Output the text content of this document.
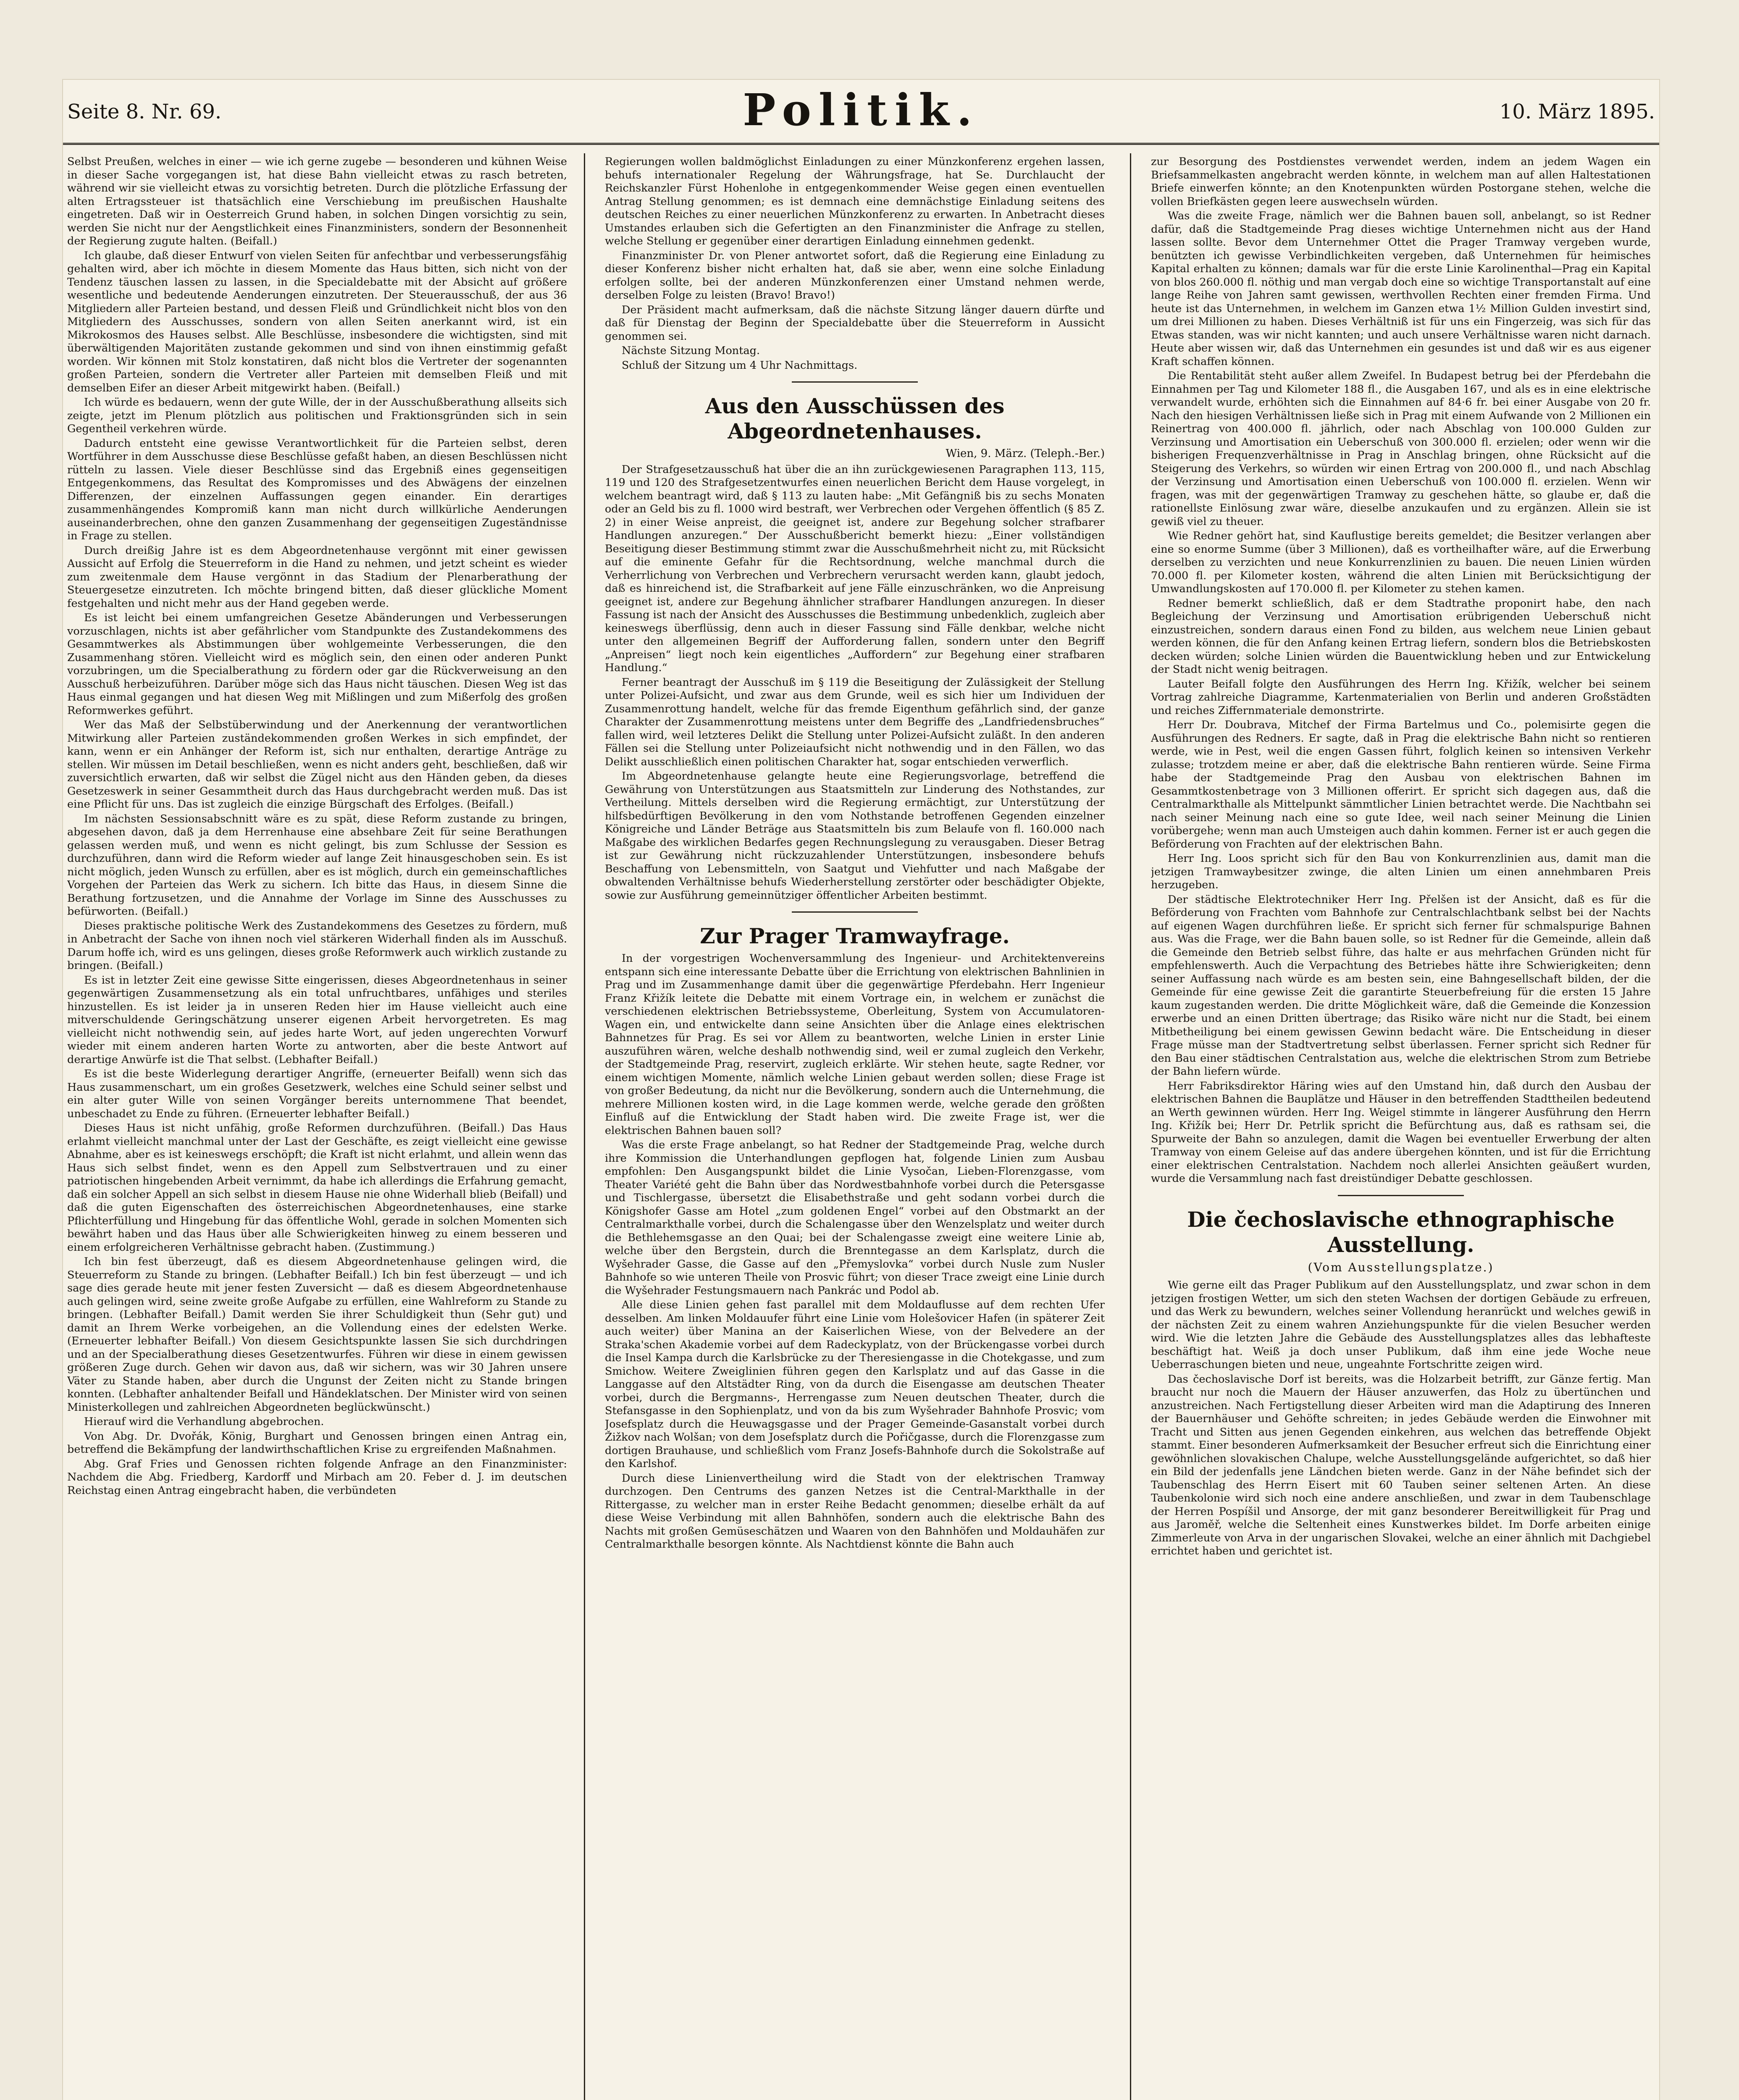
Seite 8. Nr. 69.	Politik.	10. März 1895.

Selbst Preußen, welches in einer — wie ich gerne zugebe — besonderen und kühnen Weise in dieser Sache vorgegangen ist, hat diese Bahn vielleicht etwas zu rasch betreten, während wir sie vielleicht etwas zu vorsichtig betreten. Durch die plötzliche Erfassung der alten Ertragssteuer ist thatsächlich eine Verschiebung im preußischen Haushalte eingetreten. Daß wir in Oesterreich Grund haben, in solchen Dingen vorsichtig zu sein, werden Sie nicht nur der Aengstlichkeit eines Finanzministers, sondern der Besonnenheit der Regierung zugute halten. (Beifall.)

Ich glaube, daß dieser Entwurf von vielen Seiten für anfechtbar und verbesserungsfähig gehalten wird, aber ich möchte in diesem Momente das Haus bitten, sich nicht von der Tendenz täuschen lassen zu lassen, in die Specialdebatte mit der Absicht auf größere wesentliche und bedeutende Aenderungen einzutreten. Der Steuerausschuß, der aus 36 Mitgliedern aller Parteien bestand, und dessen Fleiß und Gründlichkeit nicht blos von den Mitgliedern des Ausschusses, sondern von allen Seiten anerkannt wird, ist ein Mikrokosmos des Hauses selbst. Alle Beschlüsse, insbesondere die wichtigsten, sind mit überwältigenden Majoritäten zustande gekommen und sind von ihnen einstimmig gefaßt worden. Wir können mit Stolz konstatiren, daß nicht blos die Vertreter der sogenannten großen Parteien, sondern die Vertreter aller Parteien mit demselben Fleiß und mit demselben Eifer an dieser Arbeit mitgewirkt haben. (Beifall.)

Ich würde es bedauern, wenn der gute Wille, der in der Ausschußberathung allseits sich zeigte, jetzt im Plenum plötzlich aus politischen und Fraktionsgründen sich in sein Gegentheil verkehren würde.

Dadurch entsteht eine gewisse Verantwortlichkeit für die Parteien selbst, deren Wortführer in dem Ausschusse diese Beschlüsse gefaßt haben, an diesen Beschlüssen nicht rütteln zu lassen. Viele dieser Beschlüsse sind das Ergebniß eines gegenseitigen Entgegenkommens, das Resultat des Kompromisses und des Abwägens der einzelnen Differenzen, der einzelnen Auffassungen gegen einander. Ein derartiges zusammenhängendes Kompromiß kann man nicht durch willkürliche Aenderungen auseinanderbrechen, ohne den ganzen Zusammenhang der gegenseitigen Zugeständnisse in Frage zu stellen.

Durch dreißig Jahre ist es dem Abgeordnetenhause vergönnt mit einer gewissen Aussicht auf Erfolg die Steuerreform in die Hand zu nehmen, und jetzt scheint es wieder zum zweitenmale dem Hause vergönnt in das Stadium der Plenarberathung der Steuergesetze einzutreten. Ich möchte bringend bitten, daß dieser glückliche Moment festgehalten und nicht mehr aus der Hand gegeben werde.

Es ist leicht bei einem umfangreichen Gesetze Abänderungen und Verbesserungen vorzuschlagen, nichts ist aber gefährlicher vom Standpunkte des Zustandekommens des Gesammtwerkes als Abstimmungen über wohlgemeinte Verbesserungen, die den Zusammenhang stören. Vielleicht wird es möglich sein, den einen oder anderen Punkt vorzubringen, um die Specialberathung zu fördern oder gar die Rückverweisung an den Ausschuß herbeizuführen. Darüber möge sich das Haus nicht täuschen. Diesen Weg ist das Haus einmal gegangen und hat diesen Weg mit Mißlingen und zum Mißerfolg des großen Reformwerkes geführt.

Wer das Maß der Selbstüberwindung und der Anerkennung der verantwortlichen Mitwirkung aller Parteien zuständekommenden großen Werkes in sich empfindet, der kann, wenn er ein Anhänger der Reform ist, sich nur enthalten, derartige Anträge zu stellen. Wir müssen im Detail beschließen, wenn es nicht anders geht, beschließen, daß wir zuversichtlich erwarten, daß wir selbst die Zügel nicht aus den Händen geben, da dieses Gesetzeswerk in seiner Gesammtheit durch das Haus durchgebracht werden muß. Das ist eine Pflicht für uns. Das ist zugleich die einzige Bürgschaft des Erfolges. (Beifall.)

Im nächsten Sessionsabschnitt wäre es zu spät, diese Reform zustande zu bringen, abgesehen davon, daß ja dem Herrenhause eine absehbare Zeit für seine Berathungen gelassen werden muß, und wenn es nicht gelingt, bis zum Schlusse der Session es durchzuführen, dann wird die Reform wieder auf lange Zeit hinausgeschoben sein. Es ist nicht möglich, jeden Wunsch zu erfüllen, aber es ist möglich, durch ein gemeinschaftliches Vorgehen der Parteien das Werk zu sichern. Ich bitte das Haus, in diesem Sinne die Berathung fortzusetzen, und die Annahme der Vorlage im Sinne des Ausschusses zu befürworten. (Beifall.)

Dieses praktische politische Werk des Zustandekommens des Gesetzes zu fördern, muß in Anbetracht der Sache von ihnen noch viel stärkeren Widerhall finden als im Ausschuß. Darum hoffe ich, wird es uns gelingen, dieses große Reformwerk auch wirklich zustande zu bringen. (Beifall.)

Es ist in letzter Zeit eine gewisse Sitte eingerissen, dieses Abgeordnetenhaus in seiner gegenwärtigen Zusammensetzung als ein total unfruchtbares, unfähiges und steriles hinzustellen. Es ist leider ja in unseren Reden hier im Hause vielleicht auch eine mitverschuldende Geringschätzung unserer eigenen Arbeit hervorgetreten. Es mag vielleicht nicht nothwendig sein, auf jedes harte Wort, auf jeden ungerechten Vorwurf wieder mit einem anderen harten Worte zu antworten, aber die beste Antwort auf derartige Anwürfe ist die That selbst. (Lebhafter Beifall.)

Es ist die beste Widerlegung derartiger Angriffe, (erneuerter Beifall) wenn sich das Haus zusammenschart, um ein großes Gesetzwerk, welches eine Schuld seiner selbst und ein alter guter Wille von seinen Vorgänger bereits unternommene That beendet, unbeschadet zu Ende zu führen. (Erneuerter lebhafter Beifall.)

Dieses Haus ist nicht unfähig, große Reformen durchzuführen. (Beifall.) Das Haus erlahmt vielleicht manchmal unter der Last der Geschäfte, es zeigt vielleicht eine gewisse Abnahme, aber es ist keineswegs erschöpft; die Kraft ist nicht erlahmt, und allein wenn das Haus sich selbst findet, wenn es den Appell zum Selbstvertrauen und zu einer patriotischen hingebenden Arbeit vernimmt, da habe ich allerdings die Erfahrung gemacht, daß ein solcher Appell an sich selbst in diesem Hause nie ohne Widerhall blieb (Beifall) und daß die guten Eigenschaften des österreichischen Abgeordnetenhauses, eine starke Pflichterfüllung und Hingebung für das öffentliche Wohl, gerade in solchen Momenten sich bewährt haben und das Haus über alle Schwierigkeiten hinweg zu einem besseren und einem erfolgreicheren Verhältnisse gebracht haben. (Zustimmung.)

Ich bin fest überzeugt, daß es diesem Abgeordnetenhause gelingen wird, die Steuerreform zu Stande zu bringen. (Lebhafter Beifall.) Ich bin fest überzeugt — und ich sage dies gerade heute mit jener festen Zuversicht — daß es diesem Abgeordnetenhause auch gelingen wird, seine zweite große Aufgabe zu erfüllen, eine Wahlreform zu Stande zu bringen. (Lebhafter Beifall.) Damit werden Sie ihrer Schuldigkeit thun (Sehr gut) und damit an Ihrem Werke vorbeigehen, an die Vollendung eines der edelsten Werke. (Erneuerter lebhafter Beifall.) Von diesem Gesichtspunkte lassen Sie sich durchdringen und an der Specialberathung dieses Gesetzentwurfes. Führen wir diese in einem gewissen größeren Zuge durch. Gehen wir davon aus, daß wir sichern, was wir 30 Jahren unsere Väter zu Stande haben, aber durch die Ungunst der Zeiten nicht zu Stande bringen konnten. (Lebhafter anhaltender Beifall und Händeklatschen. Der Minister wird von seinen Ministerkollegen und zahlreichen Abgeordneten beglückwünscht.)

Hierauf wird die Verhandlung abgebrochen.

Von Abg. Dr. Dvořák, König, Burghart und Genossen bringen einen Antrag ein, betreffend die Bekämpfung der landwirthschaftlichen Krise zu ergreifenden Maßnahmen.

Abg. Graf Fries und Genossen richten folgende Anfrage an den Finanzminister: Nachdem die Abg. Friedberg, Kardorff und Mirbach am 20. Feber d. J. im deutschen Reichstag einen Antrag eingebracht haben, die verbündeten

Regierungen wollen baldmöglichst Einladungen zu einer Münzkonferenz ergehen lassen, behufs internationaler Regelung der Währungsfrage, hat Se. Durchlaucht der Reichskanzler Fürst Hohenlohe in entgegenkommender Weise gegen einen eventuellen Antrag Stellung genommen; es ist demnach eine demnächstige Einladung seitens des deutschen Reiches zu einer neuerlichen Münzkonferenz zu erwarten. In Anbetracht dieses Umstandes erlauben sich die Gefertigten an den Finanzminister die Anfrage zu stellen, welche Stellung er gegenüber einer derartigen Einladung einnehmen gedenkt.

Finanzminister Dr. von Plener antwortet sofort, daß die Regierung eine Einladung zu dieser Konferenz bisher nicht erhalten hat, daß sie aber, wenn eine solche Einladung erfolgen sollte, bei der anderen Münzkonferenzen einer Umstand nehmen werde, derselben Folge zu leisten (Bravo! Bravo!)

Der Präsident macht aufmerksam, daß die nächste Sitzung länger dauern dürfte und daß für Dienstag der Beginn der Specialdebatte über die Steuerreform in Aussicht genommen sei.

Nächste Sitzung Montag.

Schluß der Sitzung um 4 Uhr Nachmittags.

Aus den Ausschüssen des Abgeordnetenhauses.
Wien, 9. März. (Teleph.-Ber.)

Der Strafgesetzausschuß hat über die an ihn zurückgewiesenen Paragraphen 113, 115, 119 und 120 des Strafgesetzentwurfes einen neuerlichen Bericht dem Hause vorgelegt, in welchem beantragt wird, daß § 113 zu lauten habe: „Mit Gefängniß bis zu sechs Monaten oder an Geld bis zu fl. 1000 wird bestraft, wer Verbrechen oder Vergehen öffentlich (§ 85 Z. 2) in einer Weise anpreist, die geeignet ist, andere zur Begehung solcher strafbarer Handlungen anzuregen.“ Der Ausschußbericht bemerkt hiezu: „Einer vollständigen Beseitigung dieser Bestimmung stimmt zwar die Ausschußmehrheit nicht zu, mit Rücksicht auf die eminente Gefahr für die Rechtsordnung, welche manchmal durch die Verherrlichung von Verbrechen und Verbrechern verursacht werden kann, glaubt jedoch, daß es hinreichend ist, die Strafbarkeit auf jene Fälle einzuschränken, wo die Anpreisung geeignet ist, andere zur Begehung ähnlicher strafbarer Handlungen anzuregen. In dieser Fassung ist nach der Ansicht des Ausschusses die Bestimmung unbedenklich, zugleich aber keineswegs überflüssig, denn auch in dieser Fassung sind Fälle denkbar, welche nicht unter den allgemeinen Begriff der Aufforderung fallen, sondern unter den Begriff „Anpreisen“ liegt noch kein eigentliches „Auffordern“ zur Begehung einer strafbaren Handlung.“

Ferner beantragt der Ausschuß im § 119 die Beseitigung der Zulässigkeit der Stellung unter Polizei-Aufsicht, und zwar aus dem Grunde, weil es sich hier um Individuen der Zusammenrottung handelt, welche für das fremde Eigenthum gefährlich sind, der ganze Charakter der Zusammenrottung meistens unter dem Begriffe des „Landfriedensbruches“ fallen wird, weil letzteres Delikt die Stellung unter Polizei-Aufsicht zuläßt. In den anderen Fällen sei die Stellung unter Polizeiaufsicht nicht nothwendig und in den Fällen, wo das Delikt ausschließlich einen politischen Charakter hat, sogar entschieden verwerflich.

Im Abgeordnetenhause gelangte heute eine Regierungsvorlage, betreffend die Gewährung von Unterstützungen aus Staatsmitteln zur Linderung des Nothstandes, zur Vertheilung. Mittels derselben wird die Regierung ermächtigt, zur Unterstützung der hilfsbedürftigen Bevölkerung in den vom Nothstande betroffenen Gegenden einzelner Königreiche und Länder Beträge aus Staatsmitteln bis zum Belaufe von fl. 160.000 nach Maßgabe des wirklichen Bedarfes gegen Rechnungslegung zu verausgaben. Dieser Betrag ist zur Gewährung nicht rückzuzahlender Unterstützungen, insbesondere behufs Beschaffung von Lebensmitteln, von Saatgut und Viehfutter und nach Maßgabe der obwaltenden Verhältnisse behufs Wiederherstellung zerstörter oder beschädigter Objekte, sowie zur Ausführung gemeinnütziger öffentlicher Arbeiten bestimmt.

Zur Prager Tramwayfrage.

In der vorgestrigen Wochenversammlung des Ingenieur- und Architektenvereins entspann sich eine interessante Debatte über die Errichtung von elektrischen Bahnlinien in Prag und im Zusammenhange damit über die gegenwärtige Pferdebahn. Herr Ingenieur Franz Křižík leitete die Debatte mit einem Vortrage ein, in welchem er zunächst die verschiedenen elektrischen Betriebssysteme, Oberleitung, System von Accumulatoren-Wagen ein, und entwickelte dann seine Ansichten über die Anlage eines elektrischen Bahnnetzes für Prag. Es sei vor Allem zu beantworten, welche Linien in erster Linie auszuführen wären, welche deshalb nothwendig sind, weil er zumal zugleich den Verkehr, der Stadtgemeinde Prag, reservirt, zugleich erklärte. Wir stehen heute, sagte Redner, vor einem wichtigen Momente, nämlich welche Linien gebaut werden sollen; diese Frage ist von großer Bedeutung, da nicht nur die Bevölkerung, sondern auch die Unternehmung, die mehrere Millionen kosten wird, in die Lage kommen werde, welche gerade den größten Einfluß auf die Entwicklung der Stadt haben wird. Die zweite Frage ist, wer die elektrischen Bahnen bauen soll?

Was die erste Frage anbelangt, so hat Redner der Stadtgemeinde Prag, welche durch ihre Kommission die Unterhandlungen gepflogen hat, folgende Linien zum Ausbau empfohlen: Den Ausgangspunkt bildet die Linie Vysočan, Lieben-Florenzgasse, vom Theater Variété geht die Bahn über das Nordwestbahnhofe vorbei durch die Petersgasse und Tischlergasse, übersetzt die Elisabethstraße und geht sodann vorbei durch die Königshofer Gasse am Hotel „zum goldenen Engel“ vorbei auf den Obstmarkt an der Centralmarkthalle vorbei, durch die Schalengasse über den Wenzelsplatz und weiter durch die Bethlehemsgasse an den Quai; bei der Schalengasse zweigt eine weitere Linie ab, welche über den Bergstein, durch die Brenntegasse an dem Karlsplatz, durch die Wyšehrader Gasse, die Gasse auf den „Přemyslovka“ vorbei durch Nusle zum Nusler Bahnhofe so wie unteren Theile von Prosvic führt; von dieser Trace zweigt eine Linie durch die Wyšehrader Festungsmauern nach Pankrác und Podol ab.

Alle diese Linien gehen fast parallel mit dem Moldauflusse auf dem rechten Ufer desselben. Am linken Moldauufer führt eine Linie vom Holešovicer Hafen (in späterer Zeit auch weiter) über Manina an der Kaiserlichen Wiese, von der Belvedere an der Straka'schen Akademie vorbei auf dem Radeckyplatz, von der Brückengasse vorbei durch die Insel Kampa durch die Karlsbrücke zu der Theresiengasse in die Chotekgasse, und zum Smichow. Weitere Zweiglinien führen gegen den Karlsplatz und auf das Gasse in die Langgasse auf den Altstädter Ring, von da durch die Eisengasse am deutschen Theater vorbei, durch die Bergmanns-, Herrengasse zum Neuen deutschen Theater, durch die Stefansgasse in den Sophienplatz, und von da bis zum Wyšehrader Bahnhofe Prosvic; vom Josefsplatz durch die Heuwagsgasse und der Prager Gemeinde-Gasanstalt vorbei durch Žižkov nach Wolšan; von dem Josefsplatz durch die Pořičgasse, durch die Florenzgasse zum dortigen Brauhause, und schließlich vom Franz Josefs-Bahnhofe durch die Sokolstraße auf den Karlshof.

Durch diese Linienvertheilung wird die Stadt von der elektrischen Tramway durchzogen. Den Centrums des ganzen Netzes ist die Central-Markthalle in der Rittergasse, zu welcher man in erster Reihe Bedacht genommen; dieselbe erhält da auf diese Weise Verbindung mit allen Bahnhöfen, sondern auch die elektrische Bahn des Nachts mit großen Gemüseschätzen und Waaren von den Bahnhöfen und Moldauhäfen zur Centralmarkthalle besorgen könnte. Als Nachtdienst könnte die Bahn auch

zur Besorgung des Postdienstes verwendet werden, indem an jedem Wagen ein Briefsammelkasten angebracht werden könnte, in welchem man auf allen Haltestationen Briefe einwerfen könnte; an den Knotenpunkten würden Postorgane stehen, welche die vollen Briefkästen gegen leere auswechseln würden.

Was die zweite Frage, nämlich wer die Bahnen bauen soll, anbelangt, so ist Redner dafür, daß die Stadtgemeinde Prag dieses wichtige Unternehmen nicht aus der Hand lassen sollte. Bevor dem Unternehmer Ottet die Prager Tramway vergeben wurde, benützten ich gewisse Verbindlichkeiten vergeben, daß Unternehmen für heimisches Kapital erhalten zu können; damals war für die erste Linie Karolinenthal—Prag ein Kapital von blos 260.000 fl. nöthig und man vergab doch eine so wichtige Transportanstalt auf eine lange Reihe von Jahren samt gewissen, werthvollen Rechten einer fremden Firma. Und heute ist das Unternehmen, in welchem im Ganzen etwa 1½ Million Gulden investirt sind, um drei Millionen zu haben. Dieses Verhältniß ist für uns ein Fingerzeig, was sich für das Etwas standen, was wir nicht kannten; und auch unsere Verhältnisse waren nicht darnach. Heute aber wissen wir, daß das Unternehmen ein gesundes ist und daß wir es aus eigener Kraft schaffen können.

Die Rentabilität steht außer allem Zweifel. In Budapest betrug bei der Pferdebahn die Einnahmen per Tag und Kilometer 188 fl., die Ausgaben 167, und als es in eine elektrische verwandelt wurde, erhöhten sich die Einnahmen auf 84·6 fr. bei einer Ausgabe von 20 fr. Nach den hiesigen Verhältnissen ließe sich in Prag mit einem Aufwande von 2 Millionen ein Reinertrag von 400.000 fl. jährlich, oder nach Abschlag von 100.000 Gulden zur Verzinsung und Amortisation ein Ueberschuß von 300.000 fl. erzielen; oder wenn wir die bisherigen Frequenzverhältnisse in Prag in Anschlag bringen, ohne Rücksicht auf die Steigerung des Verkehrs, so würden wir einen Ertrag von 200.000 fl., und nach Abschlag der Verzinsung und Amortisation einen Ueberschuß von 100.000 fl. erzielen. Wenn wir fragen, was mit der gegenwärtigen Tramway zu geschehen hätte, so glaube er, daß die rationellste Einlösung zwar wäre, dieselbe anzukaufen und zu ergänzen. Allein sie ist gewiß viel zu theuer.

Wie Redner gehört hat, sind Kauflustige bereits gemeldet; die Besitzer verlangen aber eine so enorme Summe (über 3 Millionen), daß es vortheilhafter wäre, auf die Erwerbung derselben zu verzichten und neue Konkurrenzlinien zu bauen. Die neuen Linien würden 70.000 fl. per Kilometer kosten, während die alten Linien mit Berücksichtigung der Umwandlungskosten auf 170.000 fl. per Kilometer zu stehen kamen.

Redner bemerkt schließlich, daß er dem Stadtrathe proponirt habe, den nach Begleichung der Verzinsung und Amortisation erübrigenden Ueberschuß nicht einzustreichen, sondern daraus einen Fond zu bilden, aus welchem neue Linien gebaut werden können, die für den Anfang keinen Ertrag liefern, sondern blos die Betriebskosten decken würden; solche Linien würden die Bauentwicklung heben und zur Entwickelung der Stadt nicht wenig beitragen.

Lauter Beifall folgte den Ausführungen des Herrn Ing. Křižík, welcher bei seinem Vortrag zahlreiche Diagramme, Kartenmaterialien von Berlin und anderen Großstädten und reiches Ziffernmateriale demonstrirte.

Herr Dr. Doubrava, Mitchef der Firma Bartelmus und Co., polemisirte gegen die Ausführungen des Redners. Er sagte, daß in Prag die elektrische Bahn nicht so rentieren werde, wie in Pest, weil die engen Gassen führt, folglich keinen so intensiven Verkehr zulasse; trotzdem meine er aber, daß die elektrische Bahn rentieren würde. Seine Firma habe der Stadtgemeinde Prag den Ausbau von elektrischen Bahnen im Gesammtkostenbetrage von 3 Millionen offerirt. Er spricht sich dagegen aus, daß die Centralmarkthalle als Mittelpunkt sämmtlicher Linien betrachtet werde. Die Nachtbahn sei nach seiner Meinung nach eine so gute Idee, weil nach seiner Meinung die Linien vorübergehe; wenn man auch Umsteigen auch dahin kommen. Ferner ist er auch gegen die Beförderung von Frachten auf der elektrischen Bahn.

Herr Ing. Loos spricht sich für den Bau von Konkurrenzlinien aus, damit man die jetzigen Tramwaybesitzer zwinge, die alten Linien um einen annehmbaren Preis herzugeben.

Der städtische Elektrotechniker Herr Ing. Přelšen ist der Ansicht, daß es für die Beförderung von Frachten vom Bahnhofe zur Centralschlachtbank selbst bei der Nachts auf eigenen Wagen durchführen ließe. Er spricht sich ferner für schmalspurige Bahnen aus. Was die Frage, wer die Bahn bauen solle, so ist Redner für die Gemeinde, allein daß die Gemeinde den Betrieb selbst führe, das halte er aus mehrfachen Gründen nicht für empfehlenswerth. Auch die Verpachtung des Betriebes hätte ihre Schwierigkeiten; denn seiner Auffassung nach würde es am besten sein, eine Bahngesellschaft bilden, der die Gemeinde für eine gewisse Zeit die garantirte Steuerbefreiung für die ersten 15 Jahre kaum zugestanden werden. Die dritte Möglichkeit wäre, daß die Gemeinde die Konzession erwerbe und an einen Dritten übertrage; das Risiko wäre nicht nur die Stadt, bei einem Mitbetheiligung bei einem gewissen Gewinn bedacht wäre. Die Entscheidung in dieser Frage müsse man der Stadtvertretung selbst überlassen. Ferner spricht sich Redner für den Bau einer städtischen Centralstation aus, welche die elektrischen Strom zum Betriebe der Bahn liefern würde.

Herr Fabriksdirektor Häring wies auf den Umstand hin, daß durch den Ausbau der elektrischen Bahnen die Bauplätze und Häuser in den betreffenden Stadttheilen bedeutend an Werth gewinnen würden. Herr Ing. Weigel stimmte in längerer Ausführung den Herrn Ing. Křižík bei; Herr Dr. Petrlik spricht die Befürchtung aus, daß es rathsam sei, die Spurweite der Bahn so anzulegen, damit die Wagen bei eventueller Erwerbung der alten Tramway von einem Geleise auf das andere übergehen könnten, und ist für die Errichtung einer elektrischen Centralstation. Nachdem noch allerlei Ansichten geäußert wurden, wurde die Versammlung nach fast dreistündiger Debatte geschlossen.

Die čechoslavische ethnographische Ausstellung.
(Vom Ausstellungsplatze.)

Wie gerne eilt das Prager Publikum auf den Ausstellungsplatz, und zwar schon in dem jetzigen frostigen Wetter, um sich den steten Wachsen der dortigen Gebäude zu erfreuen, und das Werk zu bewundern, welches seiner Vollendung heranrückt und welches gewiß in der nächsten Zeit zu einem wahren Anziehungspunkte für die vielen Besucher werden wird. Wie die letzten Jahre die Gebäude des Ausstellungsplatzes alles das lebhafteste beschäftigt hat. Weiß ja doch unser Publikum, daß ihm eine jede Woche neue Ueberraschungen bieten und neue, ungeahnte Fortschritte zeigen wird.

Das čechoslavische Dorf ist bereits, was die Holzarbeit betrifft, zur Gänze fertig. Man braucht nur noch die Mauern der Häuser anzuwerfen, das Holz zu übertünchen und anzustreichen. Nach Fertigstellung dieser Arbeiten wird man die Adaptirung des Inneren der Bauernhäuser und Gehöfte schreiten; in jedes Gebäude werden die Einwohner mit Tracht und Sitten aus jenen Gegenden einkehren, aus welchen das betreffende Objekt stammt. Einer besonderen Aufmerksamkeit der Besucher erfreut sich die Einrichtung einer gewöhnlichen slovakischen Chalupe, welche Ausstellungsgelände aufgerichtet, so daß hier ein Bild der jedenfalls jene Ländchen bieten werde. Ganz in der Nähe befindet sich der Taubenschlag des Herrn Eisert mit 60 Tauben seiner seltenen Arten. An diese Taubenkolonie wird sich noch eine andere anschließen, und zwar in dem Taubenschlage der Herren Pospíšil und Ansorge, der mit ganz besonderer Bereitwilligkeit für Prag und aus Jaroměř, welche die Seltenheit eines Kunstwerkes bildet. Im Dorfe arbeiten einige Zimmerleute von Arva in der ungarischen Slovakei, welche an einer ähnlich mit Dachgiebel errichtet haben und gerichtet ist.
